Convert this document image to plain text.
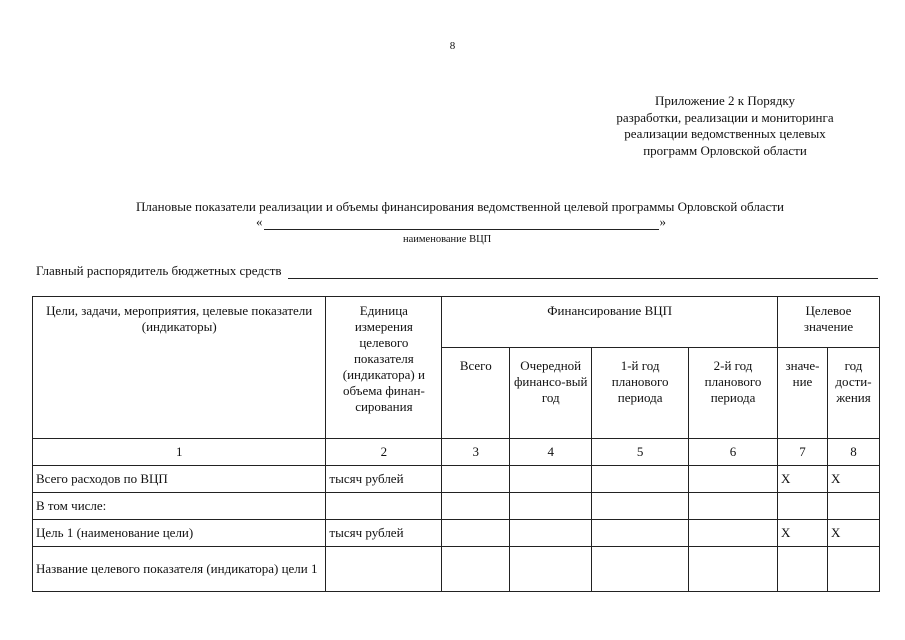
8
Приложение 2 к Порядку
разработки, реализации и мониторинга
реализации ведомственных целевых
программ Орловской области
Плановые показатели реализации и объемы финансирования ведомственной целевой программы Орловской области
«	»
наименование ВЦП
Главный распорядитель бюджетных средств
Цели, задачи, мероприятия, целевые показатели (индикаторы)	Единица измерения целевого показателя (индикатора) и объема финан-сирования	Финансирование ВЦП				Целевое значение	
		Всего	Очередной финансо-вый год	1-й год планового периода	2-й год планового периода	значе-ние	год дости-жения
1	2	3	4	5	6	7	8
Всего расходов по ВЦП	тысяч рублей					Х	Х
В том числе:							
Цель 1 (наименование цели)	тысяч рублей					Х	Х
Название целевого показателя (индикатора) цели 1							
